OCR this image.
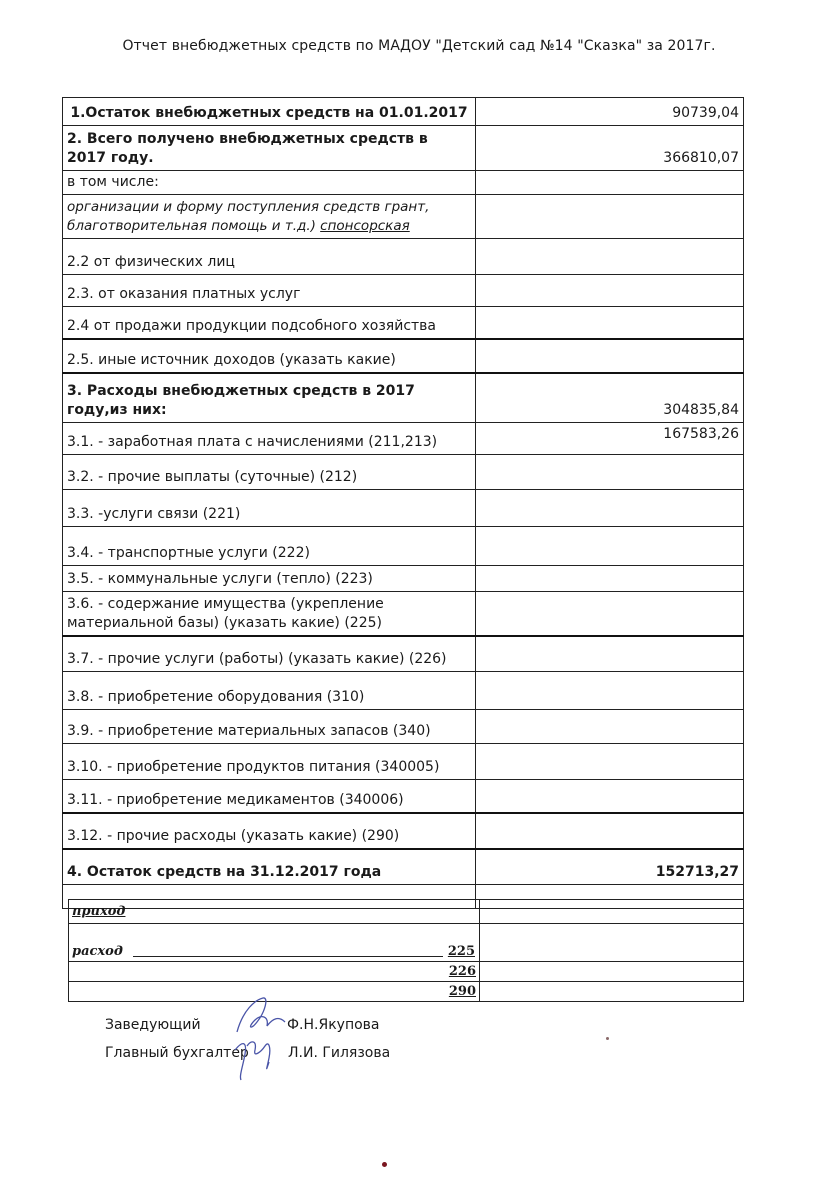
Отчет внебюджетных средств по МАДОУ "Детский сад №14 "Сказка" за 2017г.
1.Остаток внебюджетных средств на 01.01.2017	90739,04
2. Всего получено внебюджетных средств в 2017 году.	366810,07
в том числе:	
организации и форму поступления средств грант, благотворительная помощь и т.д.) спонсорская	
2.2 от физических лиц	
2.3. от оказания платных услуг	
2.4 от продажи продукции подсобного хозяйства	
2.5. иные источник доходов (указать какие)	
3. Расходы внебюджетных средств в 2017 году,из них:	304835,84
3.1. - заработная плата с начислениями (211,213)	167583,26
3.2. - прочие выплаты (суточные) (212)	
3.3. -услуги связи (221)	
3.4. - транспортные услуги (222)	
3.5. - коммунальные услуги (тепло) (223)	
3.6. - содержание имущества (укрепление материальной базы) (указать какие) (225)	
3.7. - прочие услуги (работы) (указать какие) (226)	
3.8. - приобретение оборудования (310)	
3.9. - приобретение материальных запасов (340)	
3.10. - приобретение продуктов питания (340005)	
3.11. - приобретение медикаментов (340006)	
3.12. - прочие расходы (указать какие) (290)	
4. Остаток средств на 31.12.2017 года	152713,27

приход	
расход 225	

226	
290	
Заведующий	Ф.Н.Якупова
Главный бухгалтер	Л.И. Гилязова
